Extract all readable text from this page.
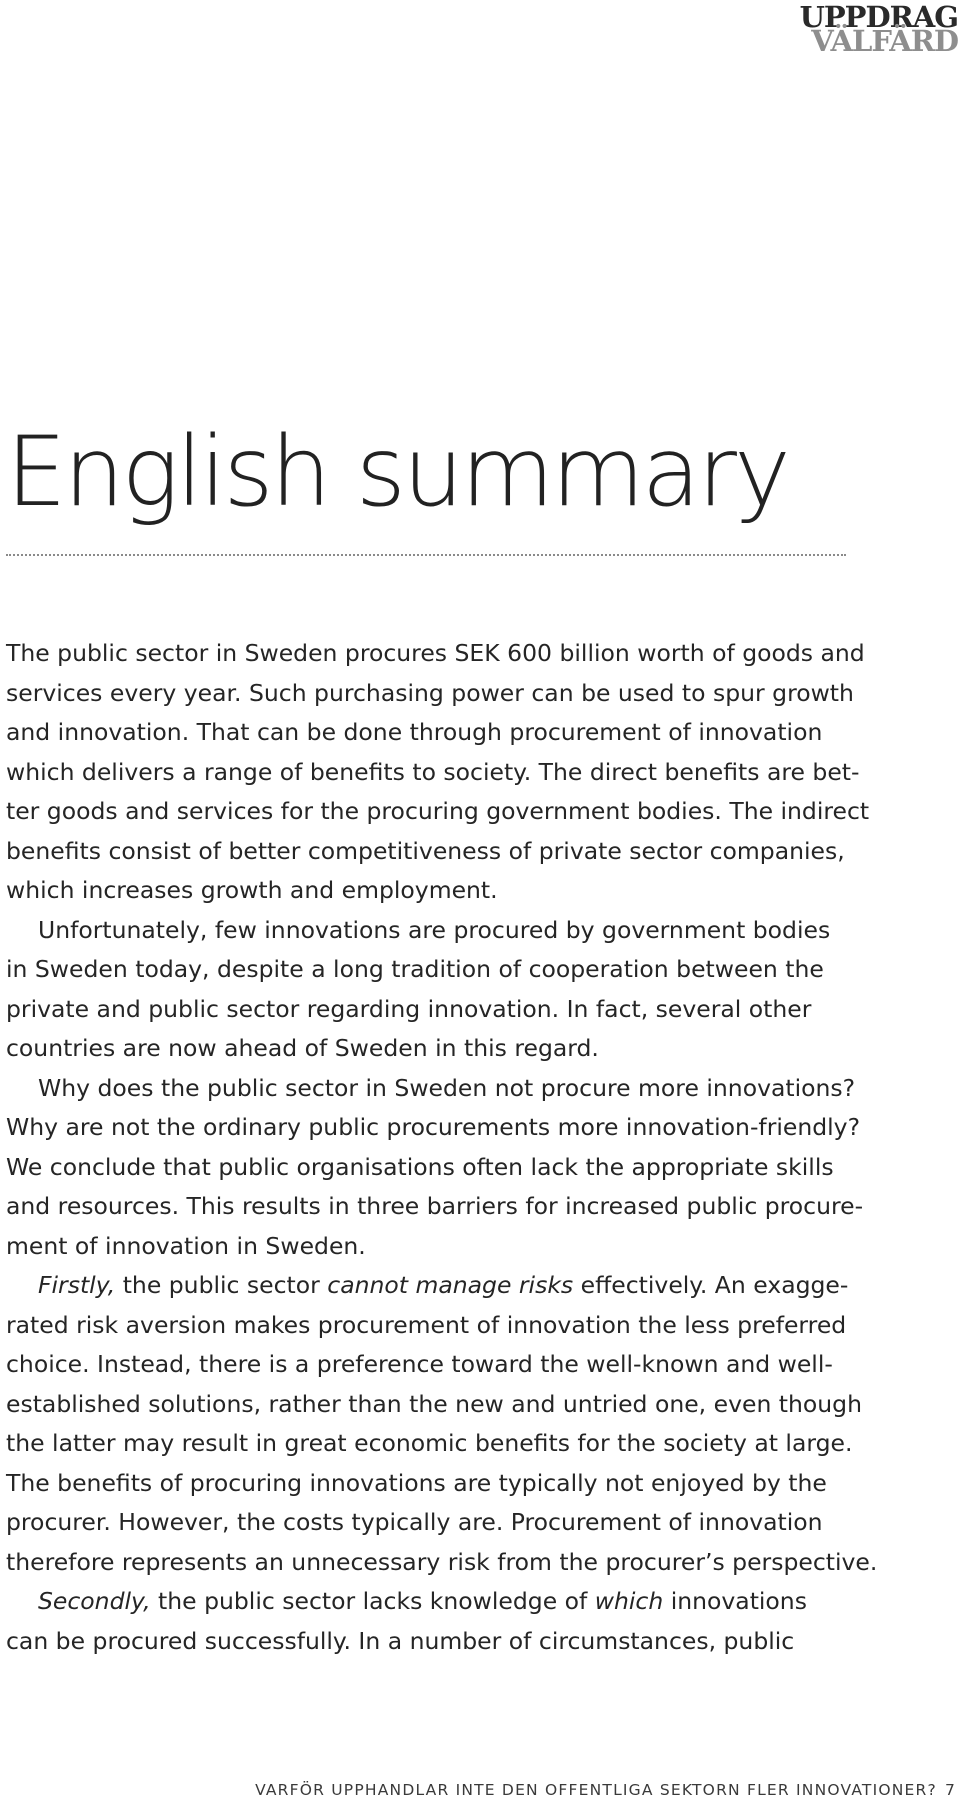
UPPDRAG
VÄLFÄRD
English summary
The public sector in Sweden procures SEK 600 billion worth of goods and
services every year. Such purchasing power can be used to spur growth
and innovation. That can be done through procurement of innovation
which delivers a range of benefits to society. The direct benefits are bet-
ter goods and services for the procuring government bodies. The indirect
benefits consist of better competitiveness of private sector companies,
which increases growth and employment.
Unfortunately, few innovations are procured by government bodies
in Sweden today, despite a long tradition of cooperation between the
private and public sector regarding innovation. In fact, several other
countries are now ahead of Sweden in this regard.
Why does the public sector in Sweden not procure more innovations?
Why are not the ordinary public procurements more innovation-friendly?
We conclude that public organisations often lack the appropriate skills
and resources. This results in three barriers for increased public procure-
ment of innovation in Sweden.
Firstly, the public sector cannot manage risks effectively. An exagge-
rated risk aversion makes procurement of innovation the less preferred
choice. Instead, there is a preference toward the well-known and well-
established solutions, rather than the new and untried one, even though
the latter may result in great economic benefits for the society at large.
The benefits of procuring innovations are typically not enjoyed by the
procurer. However, the costs typically are. Procurement of innovation
therefore represents an unnecessary risk from the procurer’s perspective.
Secondly, the public sector lacks knowledge of which innovations
can be procured successfully. In a number of circumstances, public
VARFÖR UPPHANDLAR INTE DEN OFFENTLIGA SEKTORN FLER INNOVATIONER? 7
